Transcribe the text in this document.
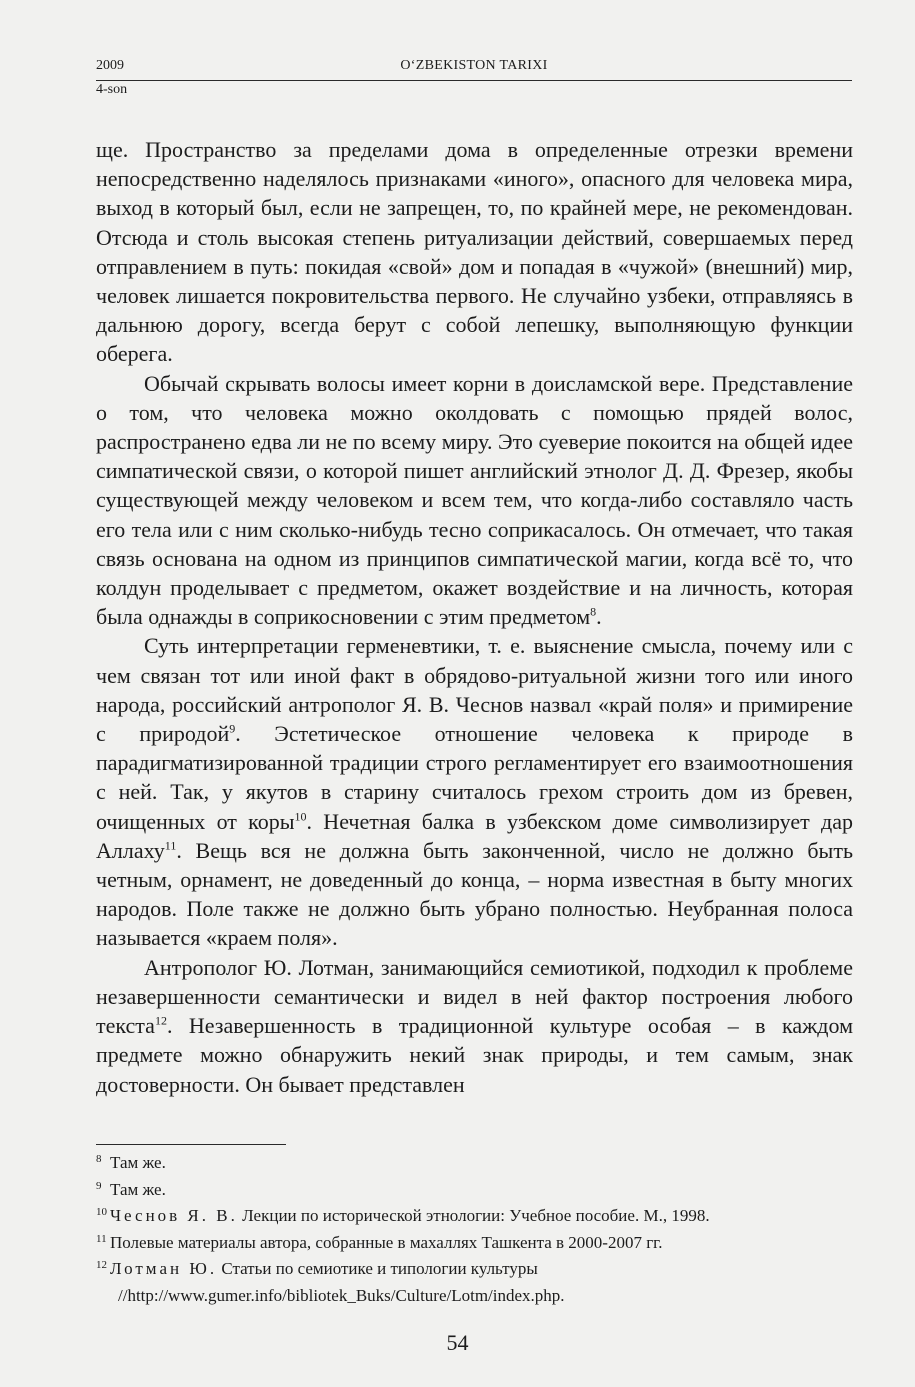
2009	O‘ZBEKISTON TARIXI
4-son

ще. Пространство за пределами дома в определенные отрезки времени непосредственно наделялось признаками «иного», опасного для человека мира, выход в который был, если не запрещен, то, по крайней мере, не рекомендован. Отсюда и столь высокая степень ритуализации действий, совершаемых перед отправлением в путь: покидая «свой» дом и попадая в «чужой» (внешний) мир, человек лишается покровительства первого. Не случайно узбеки, отправляясь в дальнюю дорогу, всегда берут с собой лепешку, выполняющую функции оберега.

Обычай скрывать волосы имеет корни в доисламской вере. Представление о том, что человека можно околдовать с помощью прядей волос, распространено едва ли не по всему миру. Это суеверие покоится на общей идее симпатической связи, о которой пишет английский этнолог Д. Д. Фрезер, якобы существующей между человеком и всем тем, что когда-либо составляло часть его тела или с ним сколько-нибудь тесно соприкасалось. Он отмечает, что такая связь основана на одном из принципов симпатической магии, когда всё то, что колдун проделывает с предметом, окажет воздействие и на личность, которая была однажды в соприкосновении с этим предметом$^8$.

Суть интерпретации герменевтики, т. е. выяснение смысла, почему или с чем связан тот или иной факт в обрядово-ритуальной жизни того или иного народа, российский антрополог Я. В. Чеснов назвал «край поля» и примирение с природой$^9$. Эстетическое отношение человека к природе в парадигматизированной традиции строго регламентирует его взаимоотношения с ней. Так, у якутов в старину считалось грехом строить дом из бревен, очищенных от коры$^{10}$. Нечетная балка в узбекском доме символизирует дар Аллаху$^{11}$. Вещь вся не должна быть законченной, число не должно быть четным, орнамент, не доведенный до конца, – норма известная в быту многих народов. Поле также не должно быть убрано полностью. Неубранная полоса называется «краем поля».

Антрополог Ю. Лотман, занимающийся семиотикой, подходил к проблеме незавершенности семантически и видел в ней фактор построения любого текста$^{12}$. Незавершенность в традиционной культуре особая – в каждом предмете можно обнаружить некий знак природы, и тем самым, знак достоверности. Он бывает представлен

$^8$ Там же.

$^9$ Там же.

$^{10}$ Чеснов Я. В. Лекции по исторической этнологии: Учебное пособие. М., 1998.

$^{11}$ Полевые материалы автора, собранные в махаллях Ташкента в 2000-2007 гг.

$^{12}$ Лотман Ю. Статьи по семиотике и типологии культуры //http://www.gumer.info/bibliotek_Buks/Culture/Lotm/index.php.

54
